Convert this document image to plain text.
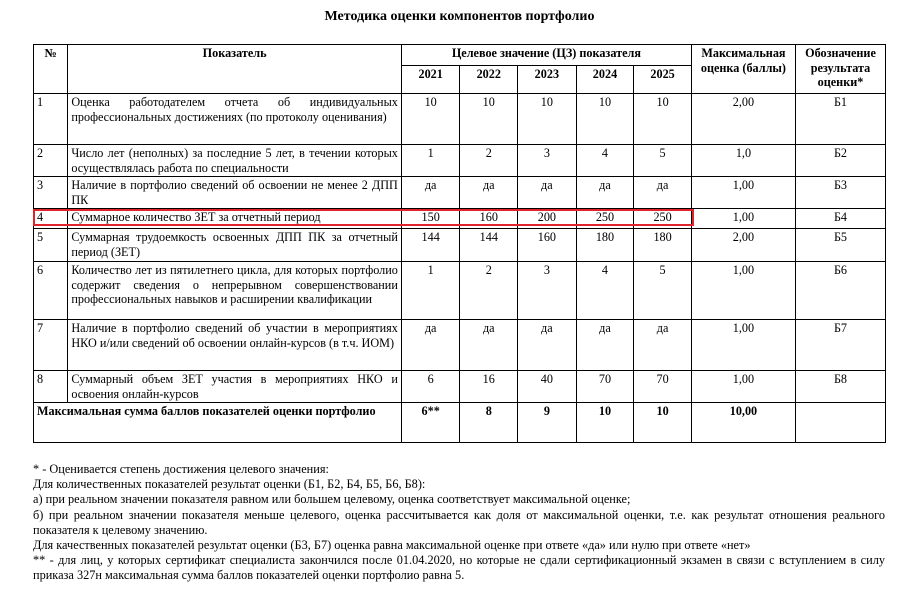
Методика оценки компонентов портфолио
№	Показатель	Целевое значение (ЦЗ) показателя					Максимальная оценка (баллы)	Обозначение результата оценки*
		2021	2022	2023	2024	2025		
1	Оценка работодателем отчета об индивидуальных профессиональных достижениях (по протоколу оценивания)	10	10	10	10	10	2,00	Б1
2	Число лет (неполных) за последние 5 лет, в течении которых осуществлялась работа по специальности	1	2	3	4	5	1,0	Б2
3	Наличие в портфолио сведений об освоении не менее 2 ДПП ПК	да	да	да	да	да	1,00	Б3
4	Суммарное количество ЗЕТ за отчетный период	150	160	200	250	250	1,00	Б4
5	Суммарная трудоемкость освоенных ДПП ПК за отчетный период (ЗЕТ)	144	144	160	180	180	2,00	Б5
6	Количество лет из пятилетнего цикла, для которых портфолио содержит сведения о непрерывном совершенствовании профессиональных навыков и расширении квалификации	1	2	3	4	5	1,00	Б6
7	Наличие в портфолио сведений об участии в мероприятиях НКО и/или сведений об освоении онлайн-курсов (в т.ч. ИОМ)	да	да	да	да	да	1,00	Б7
8	Суммарный объем ЗЕТ участия в мероприятиях НКО и освоения онлайн-курсов	6	16	40	70	70	1,00	Б8
Максимальная сумма баллов показателей оценки портфолио		6**	8	9	10	10	10,00	
* - Оценивается степень достижения целевого значения:
Для количественных показателей результат оценки (Б1, Б2, Б4, Б5, Б6, Б8):
а) при реальном значении показателя равном или большем целевому, оценка соответствует максимальной оценке;
б) при реальном значении показателя меньше целевого, оценка рассчитывается как доля от максимальной оценки, т.е. как результат отношения реального показателя к целевому значению.
Для качественных показателей результат оценки (Б3, Б7) оценка равна максимальной оценке при ответе «да» или нулю при ответе «нет»
** - для лиц, у которых сертификат специалиста закончился после 01.04.2020, но которые не сдали сертификационный экзамен в связи с вступлением в силу приказа 327н максимальная сумма баллов показателей оценки портфолио равна 5.
